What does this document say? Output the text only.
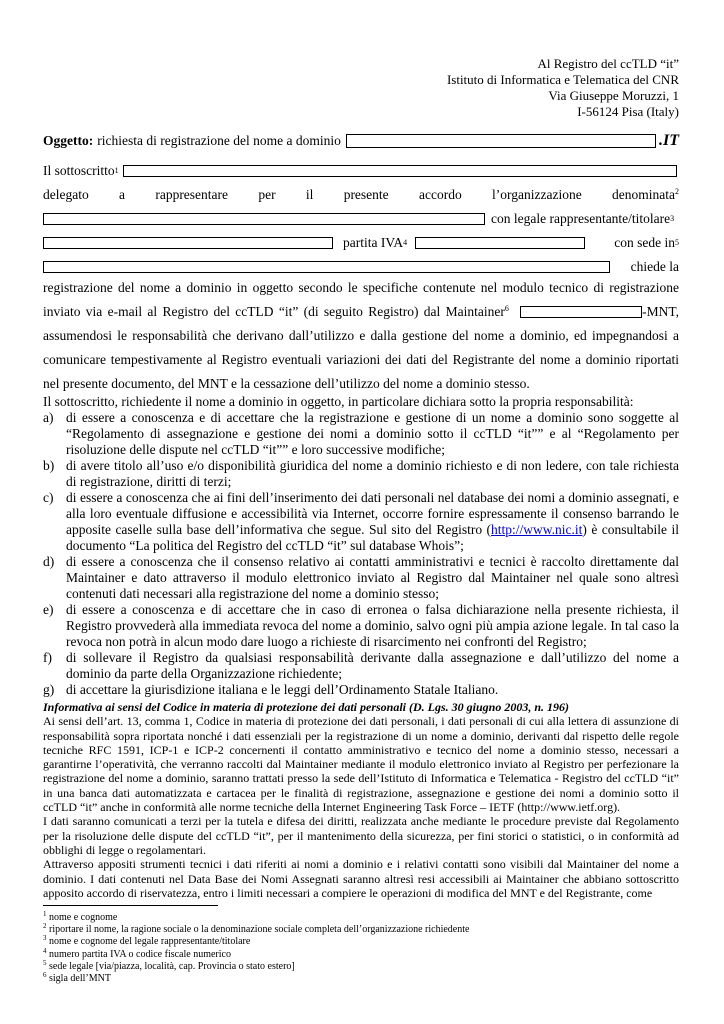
Al Registro del ccTLD “it”
Istituto di Informatica e Telematica del CNR
Via Giuseppe Moruzzi, 1
I-56124 Pisa (Italy)
Oggetto: richiesta di registrazione del nome a dominio	.IT
Il sottoscritto 1
delegato a rappresentare per il presente accordo l’organizzazione denominata$^2$
con legale rappresentante/titolare 3
partita IVA 4	con sede in 5
chiede la
registrazione del nome a dominio in oggetto secondo le specifiche contenute nel modulo tecnico di registrazione inviato via e-mail al Registro del ccTLD “it” (di seguito Registro) dal Maintainer$^6$	-MNT, assumendosi le responsabilità che derivano dall’utilizzo e dalla gestione del nome a dominio, ed impegnandosi a comunicare tempestivamente al Registro eventuali variazioni dei dati del Registrante del nome a dominio riportati nel presente documento, del MNT e la cessazione dell’utilizzo del nome a dominio stesso.
Il sottoscritto, richiedente il nome a dominio in oggetto, in particolare dichiara sotto la propria responsabilità:
a) di essere a conoscenza e di accettare che la registrazione e gestione di un nome a dominio sono soggette al “Regolamento di assegnazione e gestione dei nomi a dominio sotto il ccTLD “it”” e al “Regolamento per risoluzione delle dispute nel ccTLD “it”” e loro successive modifiche;
b) di avere titolo all’uso e/o disponibilità giuridica del nome a dominio richiesto e di non ledere, con tale richiesta di registrazione, diritti di terzi;
c) di essere a conoscenza che ai fini dell’inserimento dei dati personali nel database dei nomi a dominio assegnati, e alla loro eventuale diffusione e accessibilità via Internet, occorre fornire espressamente il consenso barrando le apposite caselle sulla base dell’informativa che segue. Sul sito del Registro (http://www.nic.it) è consultabile il documento “La politica del Registro del ccTLD “it” sul database Whois”;
d) di essere a conoscenza che il consenso relativo ai contatti amministrativi e tecnici è raccolto direttamente dal Maintainer e dato attraverso il modulo elettronico inviato al Registro dal Maintainer nel quale sono altresì contenuti dati necessari alla registrazione del nome a dominio stesso;
e) di essere a conoscenza e di accettare che in caso di erronea o falsa dichiarazione nella presente richiesta, il Registro provvederà alla immediata revoca del nome a dominio, salvo ogni più ampia azione legale. In tal caso la revoca non potrà in alcun modo dare luogo a richieste di risarcimento nei confronti del Registro;
f)	di sollevare il Registro da qualsiasi responsabilità derivante dalla assegnazione e dall’utilizzo del nome a dominio da parte della Organizzazione richiedente;
g) di accettare la giurisdizione italiana e le leggi dell’Ordinamento Statale Italiano.
Informativa ai sensi del Codice in materia di protezione dei dati personali (D. Lgs. 30 giugno 2003, n. 196)
Ai sensi dell’art. 13, comma 1, Codice in materia di protezione dei dati personali, i dati personali di cui alla lettera di assunzione di responsabilità sopra riportata nonché i dati essenziali per la registrazione di un nome a dominio, derivanti dal rispetto delle regole tecniche RFC 1591, ICP-1 e ICP-2 concernenti il contatto amministrativo e tecnico del nome a dominio stesso, necessari a garantirne l’operatività, che verranno raccolti dal Maintainer mediante il modulo elettronico inviato al Registro per perfezionare la registrazione del nome a dominio, saranno trattati presso la sede dell’Istituto di Informatica e Telematica - Registro del ccTLD “it” in una banca dati automatizzata e cartacea per le finalità di registrazione, assegnazione e gestione dei nomi a dominio sotto il ccTLD “it” anche in conformità alle norme tecniche della Internet Engineering Task Force – IETF (http://www.ietf.org).
I dati saranno comunicati a terzi per la tutela e difesa dei diritti, realizzata anche mediante le procedure previste dal Regolamento per la risoluzione delle dispute del ccTLD “it”, per il mantenimento della sicurezza, per fini storici o statistici, o in conformità ad obblighi di legge o regolamentari.
Attraverso appositi strumenti tecnici i dati riferiti ai nomi a dominio e i relativi contatti sono visibili dal Maintainer del nome a dominio. I dati contenuti nel Data Base dei Nomi Assegnati saranno altresì resi accessibili ai Maintainer che abbiano sottoscritto apposito accordo di riservatezza, entro i limiti necessari a compiere le operazioni di modifica del MNT e del Registrante, come
$^1$ nome e cognome
$^2$ riportare il nome, la ragione sociale o la denominazione sociale completa dell’organizzazione richiedente
$^3$ nome e cognome del legale rappresentante/titolare
$^4$ numero partita IVA o codice fiscale numerico
$^5$ sede legale [via/piazza, località, cap. Provincia o stato estero]
$^6$ sigla dell’MNT
